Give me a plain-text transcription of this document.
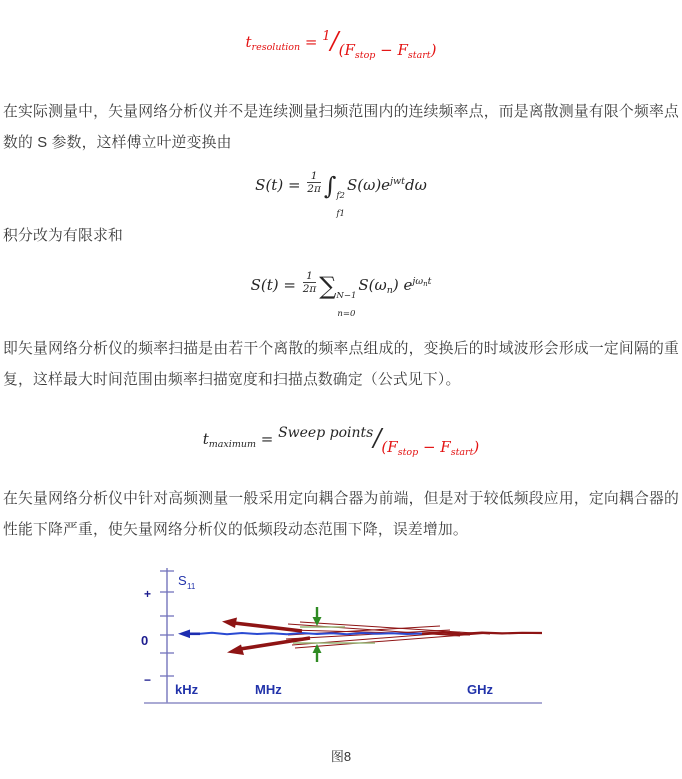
$t_{resolution} = 1/(F_{stop} - F_{start})$
在实际测量中，矢量网络分析仪并不是连续测量扫频范围内的连续频率点，而是离散测量有限个频率点数的 S 参数，这样傅立叶逆变换由
$S(t) = \frac{1}{2\pi}$ ∫ f2
f1
$S(\omega)e^{jwt}d\omega$
积分改为有限求和
$S(t) = \frac{1}{2\pi}$ ∑ N−1
n=0
$S(\omega_n)$ $e^{j\omega_nt}$
即矢量网络分析仪的频率扫描是由若干个离散的频率点组成的，变换后的时域波形会形成一定间隔的重复，这样最大时间范围由频率扫描宽度和扫描点数确定（公式见下）。
$t_{maximum}$ = Sweep points/$(F_{stop} - F_{start})$
在矢量网络分析仪中针对高频测量一般采用定向耦合器为前端，但是对于较低频段应用，定向耦合器的性能下降严重，使矢量网络分析仪的低频段动态范围下降，误差增加。
+
0
−
S 11
kHz	MHz	GHz
图8
